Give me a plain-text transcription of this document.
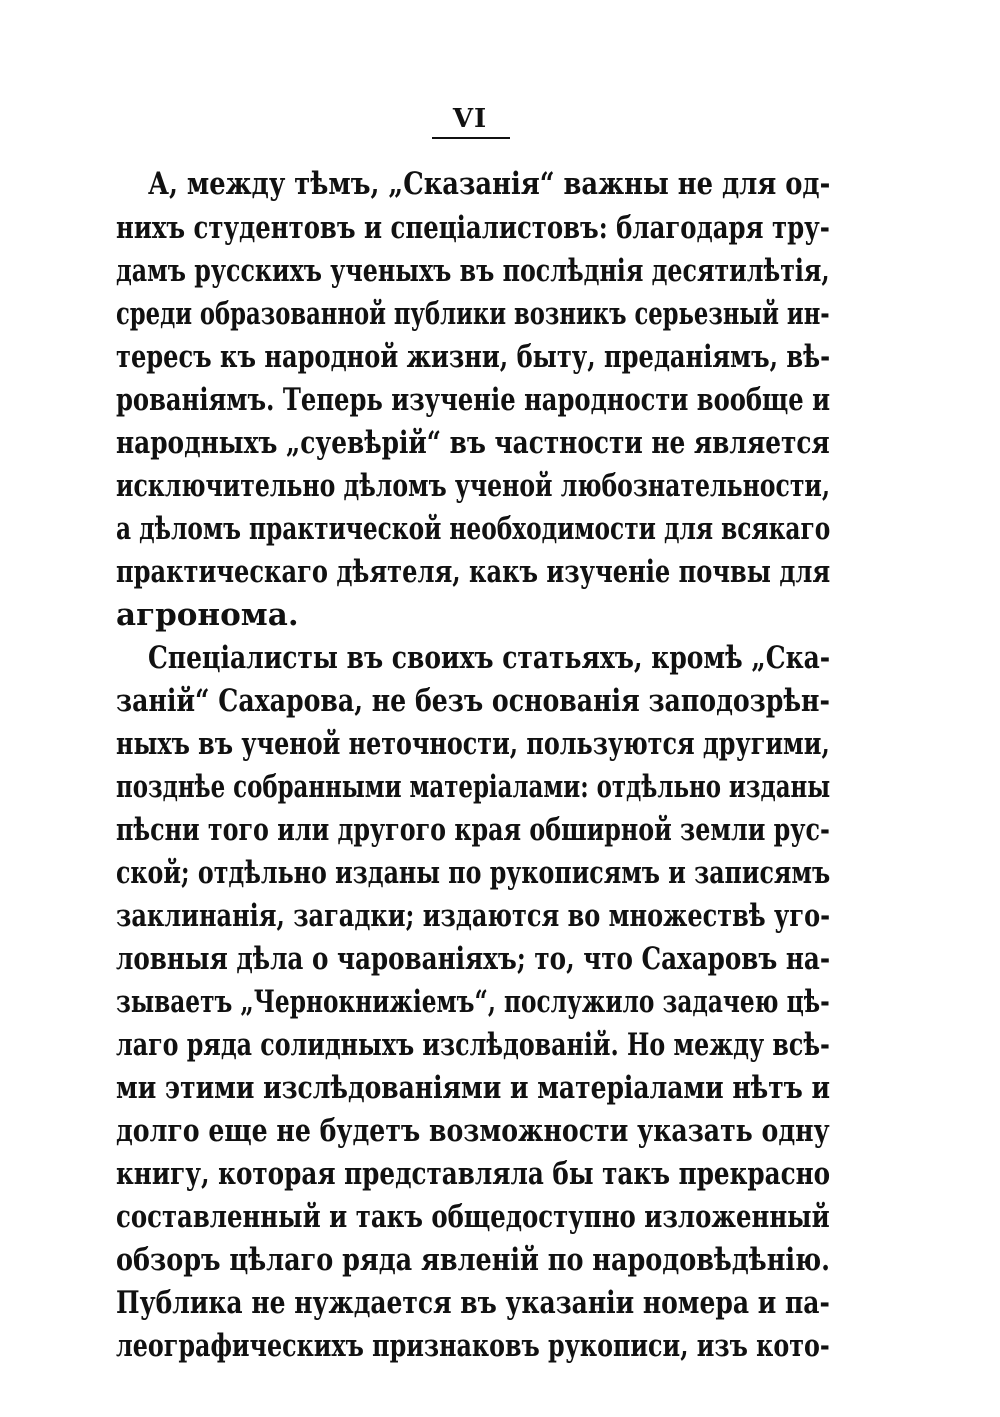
VI
А, между тѣмъ, „Сказанія“ важны не для од-
нихъ студентовъ и спеціалистовъ: благодаря тру-
дамъ русскихъ ученыхъ въ послѣднія десятилѣтія,
среди образованной публики возникъ серьезный ин-
тересъ къ народной жизни, быту, преданіямъ, вѣ-
рованіямъ. Теперь изученіе народности вообще и
народныхъ „суевѣрій“ въ частности не является
исключительно дѣломъ ученой любознательности,
а дѣломъ практической необходимости для всякаго
практическаго дѣятеля, какъ изученіе почвы для
агронома.
Спеціалисты въ своихъ статьяхъ, кромѣ „Ска-
заній“ Сахарова, не безъ основанія заподозрѣн-
ныхъ въ ученой неточности, пользуются другими,
позднѣе собранными матеріалами: отдѣльно изданы
пѣсни того или другого края обширной земли рус-
ской; отдѣльно изданы по рукописямъ и записямъ
заклинанія, загадки; издаются во множествѣ уго-
ловныя дѣла о чарованіяхъ; то, что Сахаровъ на-
зываетъ „Чернокнижіемъ“, послужило задачею цѣ-
лаго ряда солидныхъ изслѣдованій. Но между всѣ-
ми этими изслѣдованіями и матеріалами нѣтъ и
долго еще не будетъ возможности указать одну
книгу, которая представляла бы такъ прекрасно
составленный и такъ общедоступно изложенный
обзоръ цѣлаго ряда явленій по народовѣдѣнію.
Публика не нуждается въ указаніи номера и па-
леографическихъ признаковъ рукописи, изъ кото-
